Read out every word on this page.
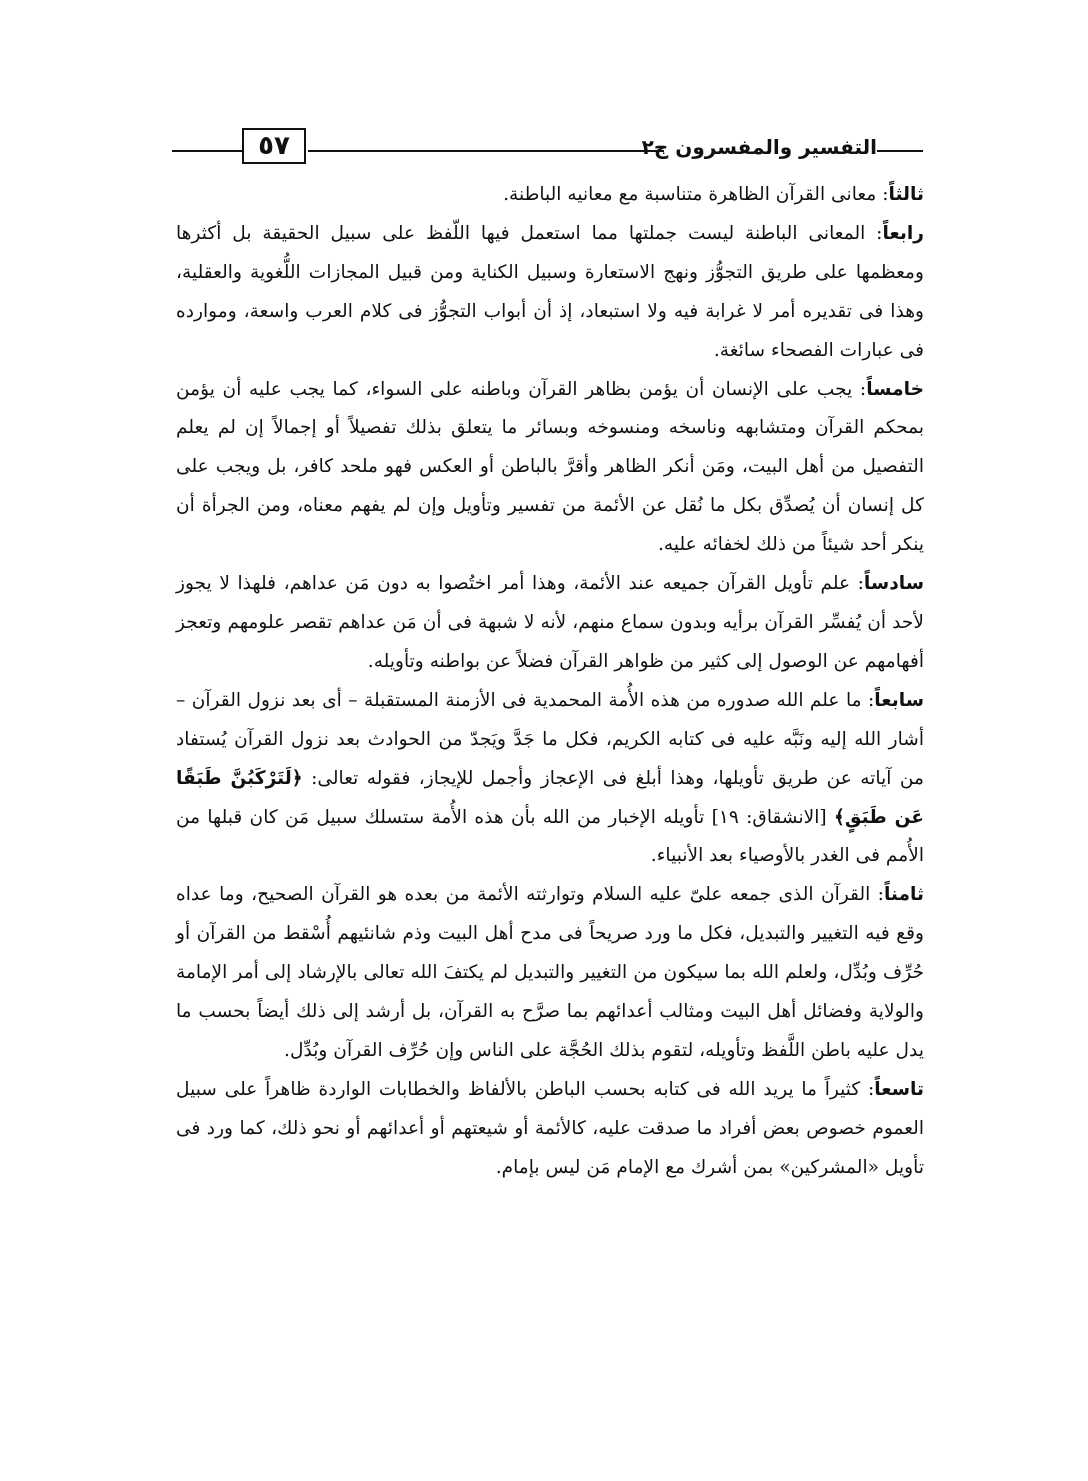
٥٧	التفسير والمفسرون ج٢

ثالثاً: معانى القرآن الظاهرة متناسبة مع معانيه الباطنة.

رابعاً: المعانى الباطنة ليست جملتها مما استعمل فيها اللّفظ على سبيل الحقيقة بل أكثرها ومعظمها على طريق التجوُّز ونهج الاستعارة وسبيل الكناية ومن قبيل المجازات اللُّغوية والعقلية، وهذا فى تقديره أمر لا غرابة فيه ولا استبعاد، إذ أن أبواب التجوُّز فى كلام العرب واسعة، وموارده فى عبارات الفصحاء سائغة.

خامساً: يجب على الإنسان أن يؤمن بظاهر القرآن وباطنه على السواء، كما يجب عليه أن يؤمن بمحكم القرآن ومتشابهه وناسخه ومنسوخه وبسائر ما يتعلق بذلك تفصيلاً أو إجمالاً إن لم يعلم التفصيل من أهل البيت، ومَن أنكر الظاهر وأقرَّ بالباطن أو العكس فهو ملحد كافر، بل ويجب على كل إنسان أن يُصدِّق بكل ما نُقل عن الأئمة من تفسير وتأويل وإن لم يفهم معناه، ومن الجرأة أن ينكر أحد شيئاً من ذلك لخفائه عليه.

سادساً: علم تأويل القرآن جميعه عند الأئمة، وهذا أمر اختُصوا به دون مَن عداهم، فلهذا لا يجوز لأحد أن يُفسِّر القرآن برأيه وبدون سماع منهم، لأنه لا شبهة فى أن مَن عداهم تقصر علومهم وتعجز أفهامهم عن الوصول إلى كثير من ظواهر القرآن فضلاً عن بواطنه وتأويله.

سابعاً: ما علم الله صدوره من هذه الأُمة المحمدية فى الأزمنة المستقبلة – أى بعد نزول القرآن – أشار الله إليه ونَبَّه عليه فى كتابه الكريم، فكل ما جَدَّ ويَجدّ من الحوادث بعد نزول القرآن يُستفاد من آياته عن طريق تأويلها، وهذا أبلغ فى الإعجاز وأجمل للإيجاز، فقوله تعالى: ﴿لَتَرْكَبُنَّ طَبَقًا عَن طَبَقٍ﴾ [الانشقاق: ١٩] تأويله الإخبار من الله بأن هذه الأُمة ستسلك سبيل مَن كان قبلها من الأُمم فى الغدر بالأوصياء بعد الأنبياء.

ثامناً: القرآن الذى جمعه علىّ عليه السلام وتوارثته الأئمة من بعده هو القرآن الصحيح، وما عداه وقع فيه التغيير والتبديل، فكل ما ورد صريحاً فى مدح أهل البيت وذم شانئيهم أُسْقط من القرآن أو حُرِّف وبُدِّل، ولعلم الله بما سيكون من التغيير والتبديل لم يكتفَ الله تعالى بالإرشاد إلى أمر الإمامة والولاية وفضائل أهل البيت ومثالب أعدائهم بما صرَّح به القرآن، بل أرشد إلى ذلك أيضاً بحسب ما يدل عليه باطن اللَّفظ وتأويله، لتقوم بذلك الحُجَّة على الناس وإن حُرِّف القرآن وبُدِّل.

تاسعاً: كثيراً ما يريد الله فى كتابه بحسب الباطن بالألفاظ والخطابات الواردة ظاهراً على سبيل العموم خصوص بعض أفراد ما صدقت عليه، كالأئمة أو شيعتهم أو أعدائهم أو نحو ذلك، كما ورد فى تأويل «المشركين» بمن أشرك مع الإمام مَن ليس بإمام.
